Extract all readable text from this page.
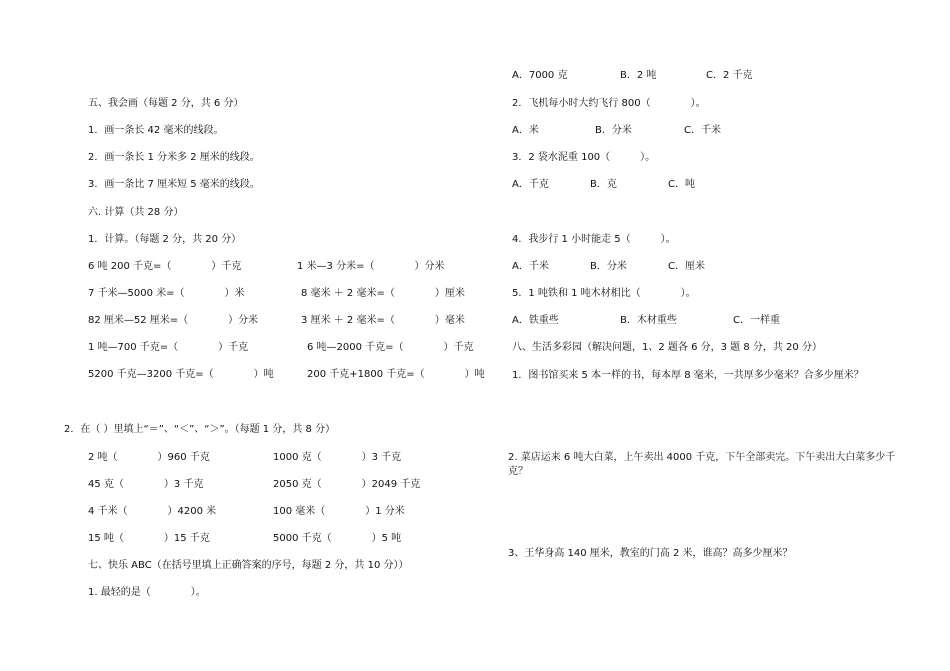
五、我会画（每题 2 分，共 6 分）
1．画一条长 42 毫米的线段。
2．画一条长 1 分米多 2 厘米的线段。
3．画一条比 7 厘米短 5 毫米的线段。
六. 计算（共 28 分）
1．计算。（每题 2 分，共 20 分）
6 吨 200 千克=（　　　　）千克	1 米—3 分米=（　　　　）分米
7 千米—5000 米=（　　　　）米	8 毫米 ＋ 2 毫米=（　　　　）厘米
82 厘米—52 厘米=（　　　　）分米	3 厘米 ＋ 2 毫米=（　　　　）毫米
1 吨—700 千克=（　　　　）千克	6 吨—2000 千克=（　　　　）千克
5200 千克—3200 千克=（　　　　）吨	200 千克+1800 千克=（　　　　）吨
2．在（ ）里填上“＝”、“＜”、“＞”。（每题 1 分，共 8 分）
2 吨（　　　　）960 千克	1000 克（　　　　）3 千克
45 克（　　　　）3 千克	2050 克（　　　　）2049 千克
4 千米（　　　　）4200 米	100 毫米（　　　　）1 分米
15 吨（　　　　）15 千克	5000 千克（　　　　）5 吨
七、快乐 ABC（在括号里填上正确答案的序号，每题 2 分，共 10 分））
1. 最轻的是（　　　　）。
A．7000 克	B．2 吨	C．2 千克
2．飞机每小时大约飞行 800（　　　　）。
A．米	B．分米	C．千米
3．2 袋水泥重 100（　　　）。
A．千克	B．克	C．吨
4．我步行 1 小时能走 5（　　　）。
A．千米	B．分米	C．厘米
5．1 吨铁和 1 吨木材相比（　　　　）。
A．铁重些	B．木材重些	C．一样重
八、生活多彩园（解决问题，1、2 题各 6 分，3 题 8 分，共 20 分）
1．图书馆买来 5 本一样的书，每本厚 8 毫米，一共厚多少毫米？合多少厘米？
2. 菜店运来 6 吨大白菜，上午卖出 4000 千克，下午全部卖完。下午卖出大白菜多少千克？
3、王华身高 140 厘米，教室的门高 2 米，谁高？高多少厘米？
